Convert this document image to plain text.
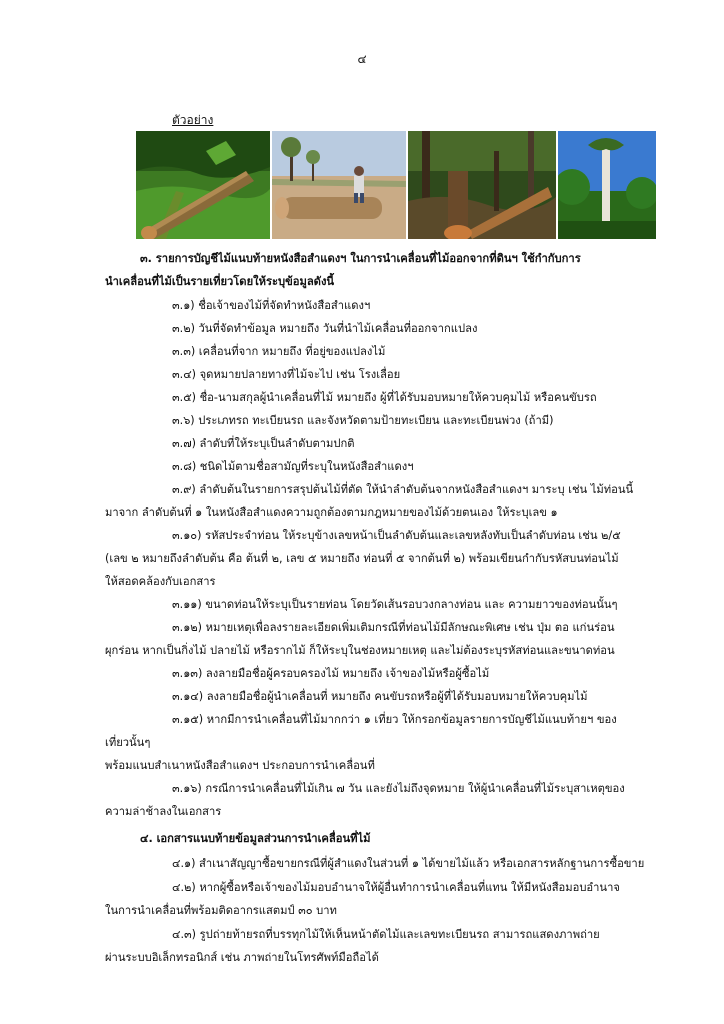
๔
ตัวอย่าง
๓. รายการบัญชีไม้แนบท้ายหนังสือสำแดงฯ ในการนำเคลื่อนที่ไม้ออกจากที่ดินฯ ใช้กำกับการ
นำเคลื่อนที่ไม้เป็นรายเที่ยวโดยให้ระบุข้อมูลดังนี้
๓.๑) ชื่อเจ้าของไม้ที่จัดทำหนังสือสำแดงฯ
๓.๒) วันที่จัดทำข้อมูล หมายถึง วันที่นำไม้เคลื่อนที่ออกจากแปลง
๓.๓) เคลื่อนที่จาก หมายถึง ที่อยู่ของแปลงไม้
๓.๔) จุดหมายปลายทางที่ไม้จะไป เช่น โรงเลื่อย
๓.๕) ชื่อ-นามสกุลผู้นำเคลื่อนที่ไม้ หมายถึง ผู้ที่ได้รับมอบหมายให้ควบคุมไม้ หรือคนขับรถ
๓.๖) ประเภทรถ ทะเบียนรถ และจังหวัดตามป้ายทะเบียน และทะเบียนพ่วง (ถ้ามี)
๓.๗) ลำดับที่ให้ระบุเป็นลำดับตามปกติ
๓.๘) ชนิดไม้ตามชื่อสามัญที่ระบุในหนังสือสำแดงฯ
๓.๙) ลำดับต้นในรายการสรุปต้นไม้ที่ตัด ให้นำลำดับต้นจากหนังสือสำแดงฯ มาระบุ เช่น ไม้ท่อนนี้
มาจาก ลำดับต้นที่ ๑ ในหนังสือสำแดงความถูกต้องตามกฎหมายของไม้ด้วยตนเอง ให้ระบุเลข ๑
๓.๑๐) รหัสประจำท่อน ให้ระบุข้างเลขหน้าเป็นลำดับต้นและเลขหลังทับเป็นลำดับท่อน เช่น ๒/๕
(เลข ๒ หมายถึงลำดับต้น คือ ต้นที่ ๒, เลข ๕ หมายถึง ท่อนที่ ๕ จากต้นที่ ๒) พร้อมเขียนกำกับรหัสบนท่อนไม้
ให้สอดคล้องกับเอกสาร
๓.๑๑) ขนาดท่อนให้ระบุเป็นรายท่อน โดยวัดเส้นรอบวงกลางท่อน และ ความยาวของท่อนนั้นๆ
๓.๑๒) หมายเหตุเพื่อลงรายละเอียดเพิ่มเติมกรณีที่ท่อนไม้มีลักษณะพิเศษ เช่น ปุ่ม ตอ แก่นร่อน
ผุกร่อน หากเป็นกิ่งไม้ ปลายไม้ หรือรากไม้ ก็ให้ระบุในช่องหมายเหตุ และไม่ต้องระบุรหัสท่อนและขนาดท่อน
๓.๑๓) ลงลายมือชื่อผู้ครอบครองไม้ หมายถึง เจ้าของไม้หรือผู้ซื้อไม้
๓.๑๔) ลงลายมือชื่อผู้นำเคลื่อนที่ หมายถึง คนขับรถหรือผู้ที่ได้รับมอบหมายให้ควบคุมไม้
๓.๑๕) หากมีการนำเคลื่อนที่ไม้มากกว่า ๑ เที่ยว ให้กรอกข้อมูลรายการบัญชีไม้แนบท้ายฯ ของ
เที่ยวนั้นๆ
พร้อมแนบสำเนาหนังสือสำแดงฯ ประกอบการนำเคลื่อนที่
๓.๑๖) กรณีการนำเคลื่อนที่ไม้เกิน ๗ วัน และยังไม่ถึงจุดหมาย ให้ผู้นำเคลื่อนที่ไม้ระบุสาเหตุของ
ความล่าช้าลงในเอกสาร
๔. เอกสารแนบท้ายข้อมูลส่วนการนำเคลื่อนที่ไม้
๔.๑) สำเนาสัญญาซื้อขายกรณีที่ผู้สำแดงในส่วนที่ ๑ ได้ขายไม้แล้ว หรือเอกสารหลักฐานการซื้อขาย
๔.๒) หากผู้ซื้อหรือเจ้าของไม้มอบอำนาจให้ผู้อื่นทำการนำเคลื่อนที่แทน ให้มีหนังสือมอบอำนาจ
ในการนำเคลื่อนที่พร้อมติดอากรแสตมป์ ๓๐ บาท
๔.๓) รูปถ่ายท้ายรถที่บรรทุกไม้ให้เห็นหน้าตัดไม้และเลขทะเบียนรถ สามารถแสดงภาพถ่าย
ผ่านระบบอิเล็กทรอนิกส์ เช่น ภาพถ่ายในโทรศัพท์มือถือได้
